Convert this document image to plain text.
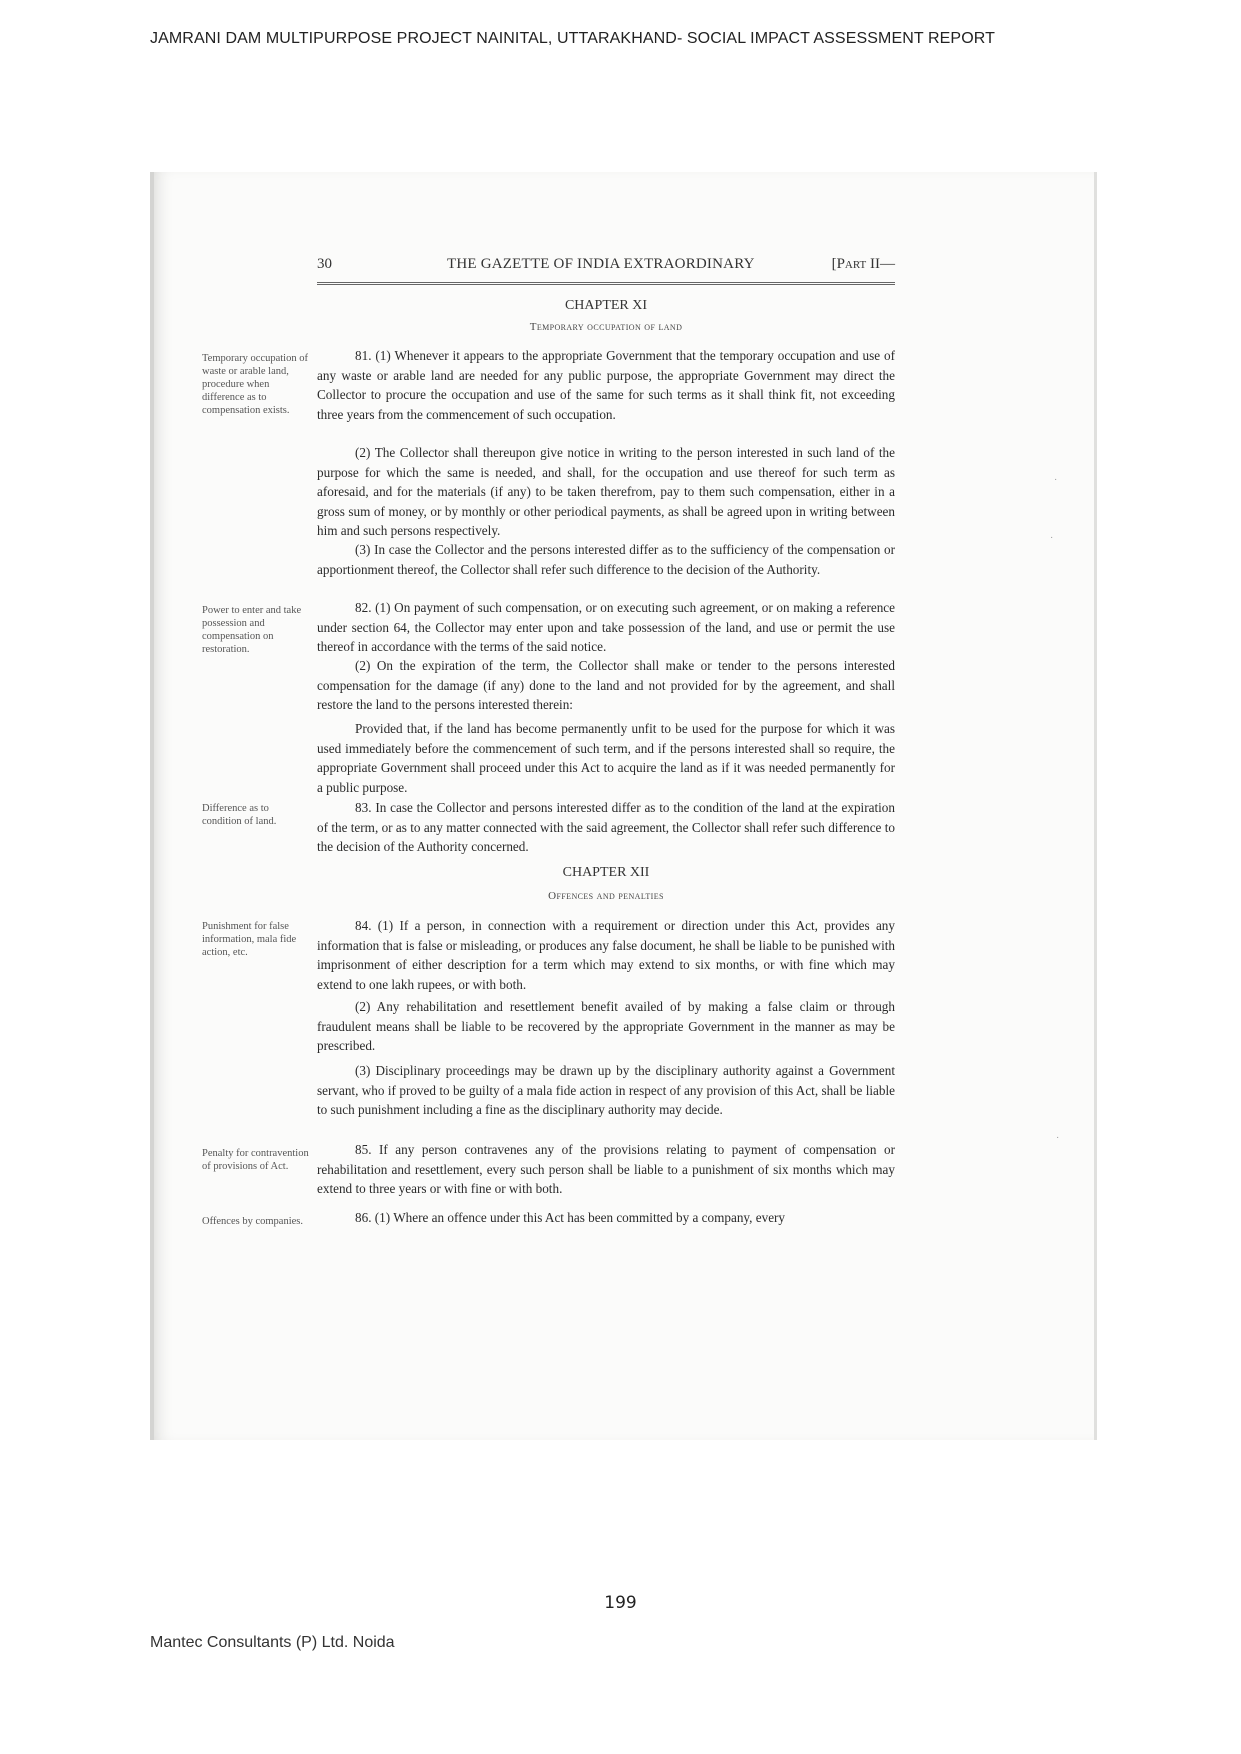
JAMRANI DAM MULTIPURPOSE PROJECT NAINITAL, UTTARAKHAND- SOCIAL IMPACT ASSESSMENT REPORT
30	THE GAZETTE OF INDIA EXTRAORDINARY	[Part II—
CHAPTER XI
Temporary occupation of land
Temporary occupation of waste or arable land, procedure when difference as to compensation exists.

81. (1) Whenever it appears to the appropriate Government that the temporary occupation and use of any waste or arable land are needed for any public purpose, the appropriate Government may direct the Collector to procure the occupation and use of the same for such terms as it shall think fit, not exceeding three years from the commencement of such occupation.

(2) The Collector shall thereupon give notice in writing to the person interested in such land of the purpose for which the same is needed, and shall, for the occupation and use thereof for such term as aforesaid, and for the materials (if any) to be taken therefrom, pay to them such compensation, either in a gross sum of money, or by monthly or other periodical payments, as shall be agreed upon in writing between him and such persons respectively.

(3) In case the Collector and the persons interested differ as to the sufficiency of the compensation or apportionment thereof, the Collector shall refer such difference to the decision of the Authority.

Power to enter and take possession and compensation on restoration.

82. (1) On payment of such compensation, or on executing such agreement, or on making a reference under section 64, the Collector may enter upon and take possession of the land, and use or permit the use thereof in accordance with the terms of the said notice.

(2) On the expiration of the term, the Collector shall make or tender to the persons interested compensation for the damage (if any) done to the land and not provided for by the agreement, and shall restore the land to the persons interested therein:

Provided that, if the land has become permanently unfit to be used for the purpose for which it was used immediately before the commencement of such term, and if the persons interested shall so require, the appropriate Government shall proceed under this Act to acquire the land as if it was needed permanently for a public purpose.

Difference as to condition of land.

83. In case the Collector and persons interested differ as to the condition of the land at the expiration of the term, or as to any matter connected with the said agreement, the Collector shall refer such difference to the decision of the Authority concerned.

CHAPTER XII
Offences and penalties
Punishment for false information, mala fide action, etc.

84. (1) If a person, in connection with a requirement or direction under this Act, provides any information that is false or misleading, or produces any false document, he shall be liable to be punished with imprisonment of either description for a term which may extend to six months, or with fine which may extend to one lakh rupees, or with both.

(2) Any rehabilitation and resettlement benefit availed of by making a false claim or through fraudulent means shall be liable to be recovered by the appropriate Government in the manner as may be prescribed.

(3) Disciplinary proceedings may be drawn up by the disciplinary authority against a Government servant, who if proved to be guilty of a mala fide action in respect of any provision of this Act, shall be liable to such punishment including a fine as the disciplinary authority may decide.

Penalty for contravention of provisions of Act.

85. If any person contravenes any of the provisions relating to payment of compensation or rehabilitation and resettlement, every such person shall be liable to a punishment of six months which may extend to three years or with fine or with both.

Offences by companies.	86. (1) Where an offence under this Act has been committed by a company, every

·
·
·
199
Mantec Consultants (P) Ltd. Noida
